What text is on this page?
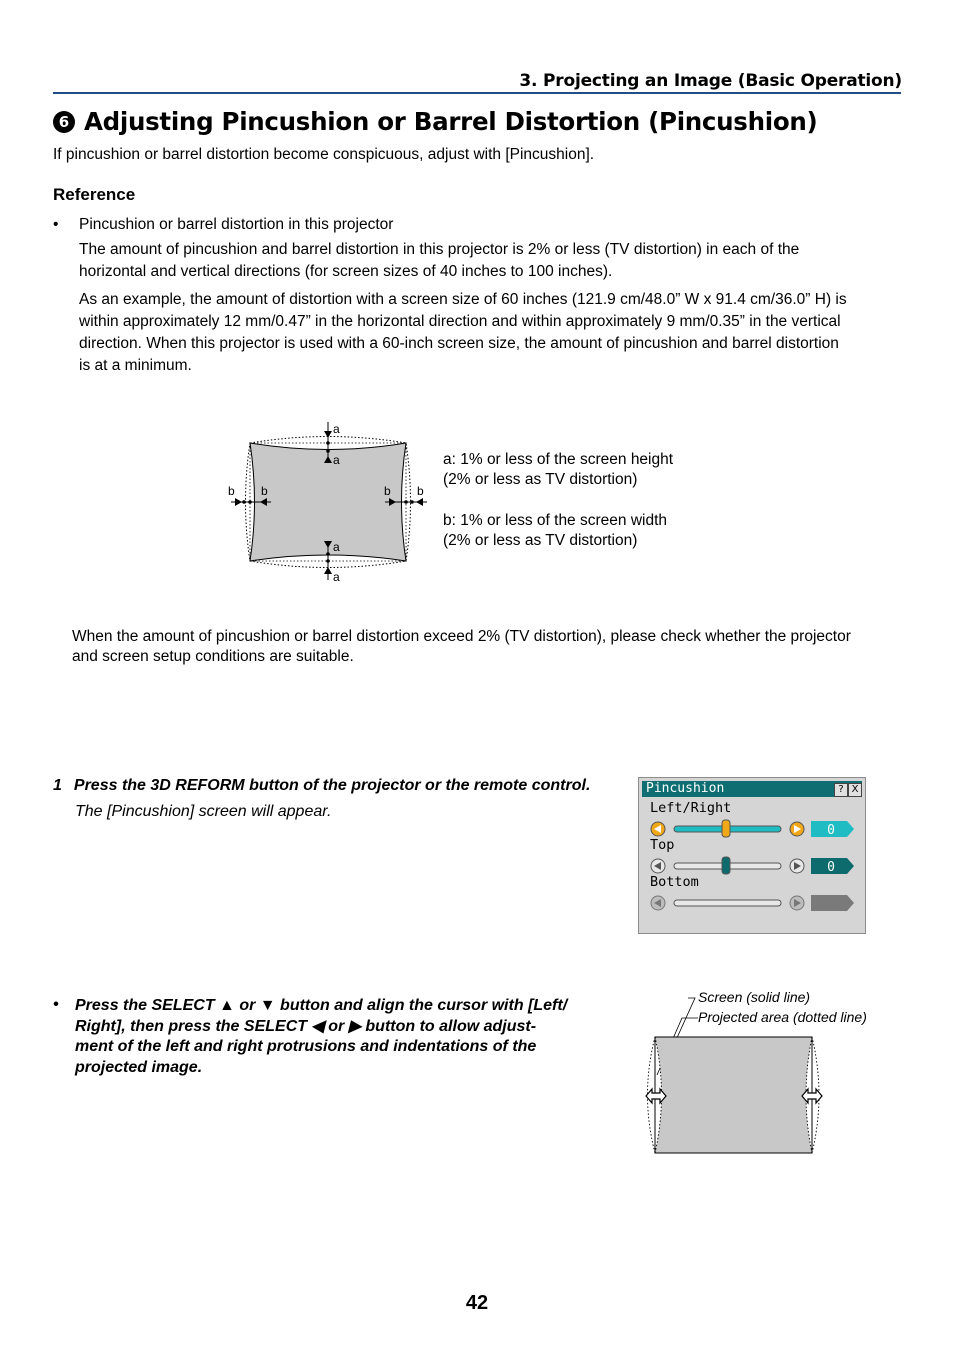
3. Projecting an Image (Basic Operation)
6 Adjusting Pincushion or Barrel Distortion (Pincushion)
If pincushion or barrel distortion become conspicuous, adjust with [Pincushion].
Reference
• Pincushion or barrel distortion in this projector
The amount of pincushion and barrel distortion in this projector is 2% or less (TV distortion) in each of the
horizontal and vertical directions (for screen sizes of 40 inches to 100 inches).
As an example, the amount of distortion with a screen size of 60 inches (121.9 cm/48.0” W x 91.4 cm/36.0” H) is
within approximately 12 mm/0.47” in the horizontal direction and within approximately 9 mm/0.35” in the vertical
direction. When this projector is used with a 60-inch screen size, the amount of pincushion and barrel distortion
is at a minimum.
a
a
a
a
b b	b b
a: 1% or less of the screen height
(2% or less as TV distortion)
b: 1% or less of the screen width
(2% or less as TV distortion)
When the amount of pincushion or barrel distortion exceed 2% (TV distortion), please check whether the projector
and screen setup conditions are suitable.
1 Press the 3D REFORM button of the projector or the remote control.
The [Pincushion] screen will appear.
Pincushion	? X
Left/Right
Top
Bottom
0
0
• Press the SELECT ▲ or ▼ button and align the cursor with [Left/
Right], then press the SELECT ◀ or ▶ button to allow adjust-
ment of the left and right protrusions and indentations of the
projected image.
Screen (solid line)
Projected area (dotted line)
42
